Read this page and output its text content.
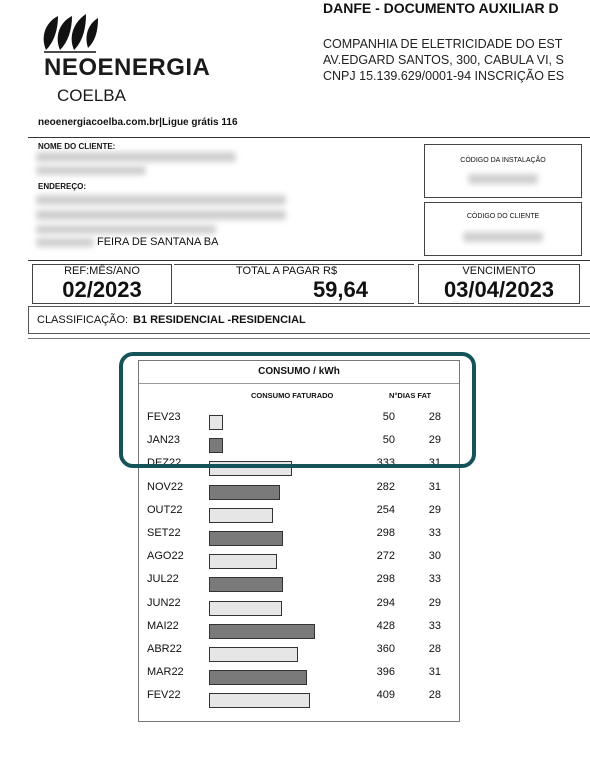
NEOENERGIA
COELBA
neoenergiacoelba.com.br|Ligue grátis 116
DANFE - DOCUMENTO AUXILIAR D
COMPANHIA DE ELETRICIDADE DO EST
AV.EDGARD SANTOS, 300, CABULA VI, S
CNPJ 15.139.629/0001-94 INSCRIÇÃO ES
NOME DO CLIENTE:
ENDEREÇO:
FEIRA DE SANTANA BA
CÓDIGO DA INSTALAÇÃO
CÓDIGO DO CLIENTE
REF:MÊS/ANO
02/2023
TOTAL A PAGAR R$
59,64
VENCIMENTO
03/04/2023
CLASSIFICAÇÃO: B1 RESIDENCIAL -RESIDENCIAL
CONSUMO / kWh
CONSUMO FATURADO	N°DIAS FAT
FEV23	50	28
JAN23	50	29
DEZ22	333	31
NOV22	282	31
OUT22	254	29
SET22	298	33
AGO22	272	30
JUL22	298	33
JUN22	294	29
MAI22	428	33
ABR22	360	28
MAR22	396	31
FEV22	409	28
